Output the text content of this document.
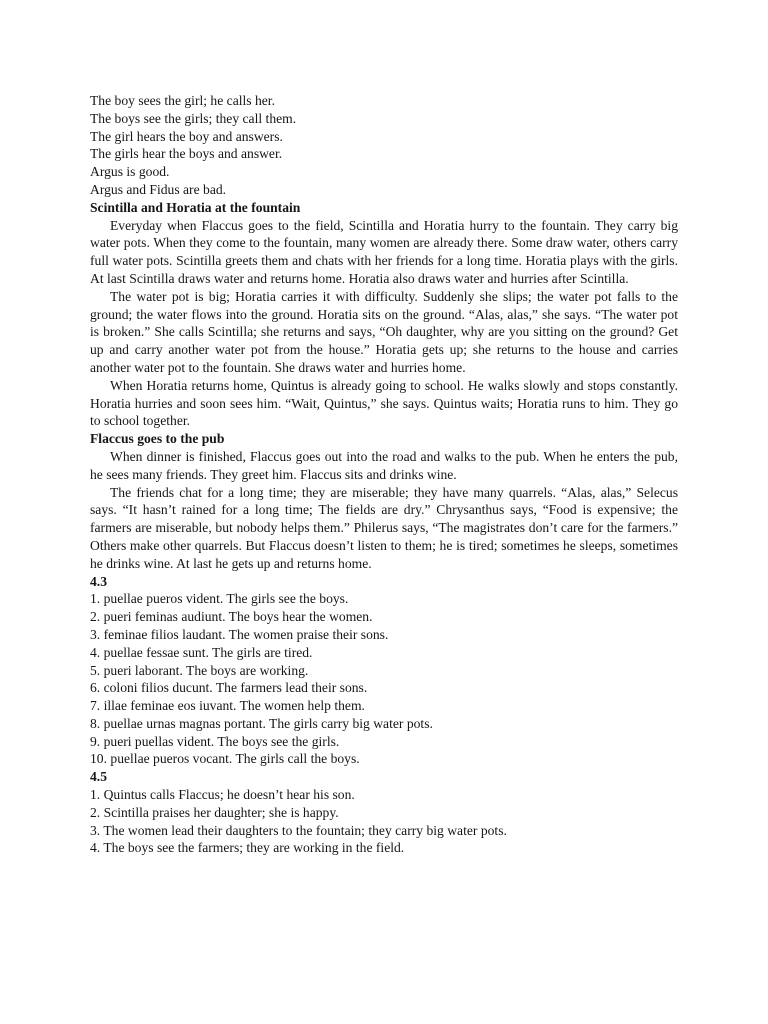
The boy sees the girl; he calls her.
The boys see the girls; they call them.
The girl hears the boy and answers.
The girls hear the boys and answer.
Argus is good.
Argus and Fidus are bad.
Scintilla and Horatia at the fountain
Everyday when Flaccus goes to the field, Scintilla and Horatia hurry to the fountain. They carry big water pots. When they come to the fountain, many women are already there. Some draw water, others carry full water pots. Scintilla greets them and chats with her friends for a long time. Horatia plays with the girls. At last Scintilla draws water and returns home. Horatia also draws water and hurries after Scintilla.
The water pot is big; Horatia carries it with difficulty. Suddenly she slips; the water pot falls to the ground; the water flows into the ground. Horatia sits on the ground. “Alas, alas,” she says. “The water pot is broken.” She calls Scintilla; she returns and says, “Oh daughter, why are you sitting on the ground? Get up and carry another water pot from the house.” Horatia gets up; she returns to the house and carries another water pot to the fountain. She draws water and hurries home.
When Horatia returns home, Quintus is already going to school. He walks slowly and stops constantly. Horatia hurries and soon sees him. “Wait, Quintus,” she says. Quintus waits; Horatia runs to him. They go to school together.
Flaccus goes to the pub
When dinner is finished, Flaccus goes out into the road and walks to the pub. When he enters the pub, he sees many friends. They greet him. Flaccus sits and drinks wine.
The friends chat for a long time; they are miserable; they have many quarrels. “Alas, alas,” Selecus says. “It hasn’t rained for a long time; The fields are dry.” Chrysanthus says, “Food is expensive; the farmers are miserable, but nobody helps them.” Philerus says, “The magistrates don’t care for the farmers.” Others make other quarrels. But Flaccus doesn’t listen to them; he is tired; sometimes he sleeps, sometimes he drinks wine. At last he gets up and returns home.
4.3
1. puellae pueros vident. The girls see the boys.
2. pueri feminas audiunt. The boys hear the women.
3. feminae filios laudant. The women praise their sons.
4. puellae fessae sunt. The girls are tired.
5. pueri laborant. The boys are working.
6. coloni filios ducunt. The farmers lead their sons.
7. illae feminae eos iuvant. The women help them.
8. puellae urnas magnas portant. The girls carry big water pots.
9. pueri puellas vident. The boys see the girls.
10. puellae pueros vocant. The girls call the boys.
4.5
1. Quintus calls Flaccus; he doesn’t hear his son.
2. Scintilla praises her daughter; she is happy.
3. The women lead their daughters to the fountain; they carry big water pots.
4. The boys see the farmers; they are working in the field.
